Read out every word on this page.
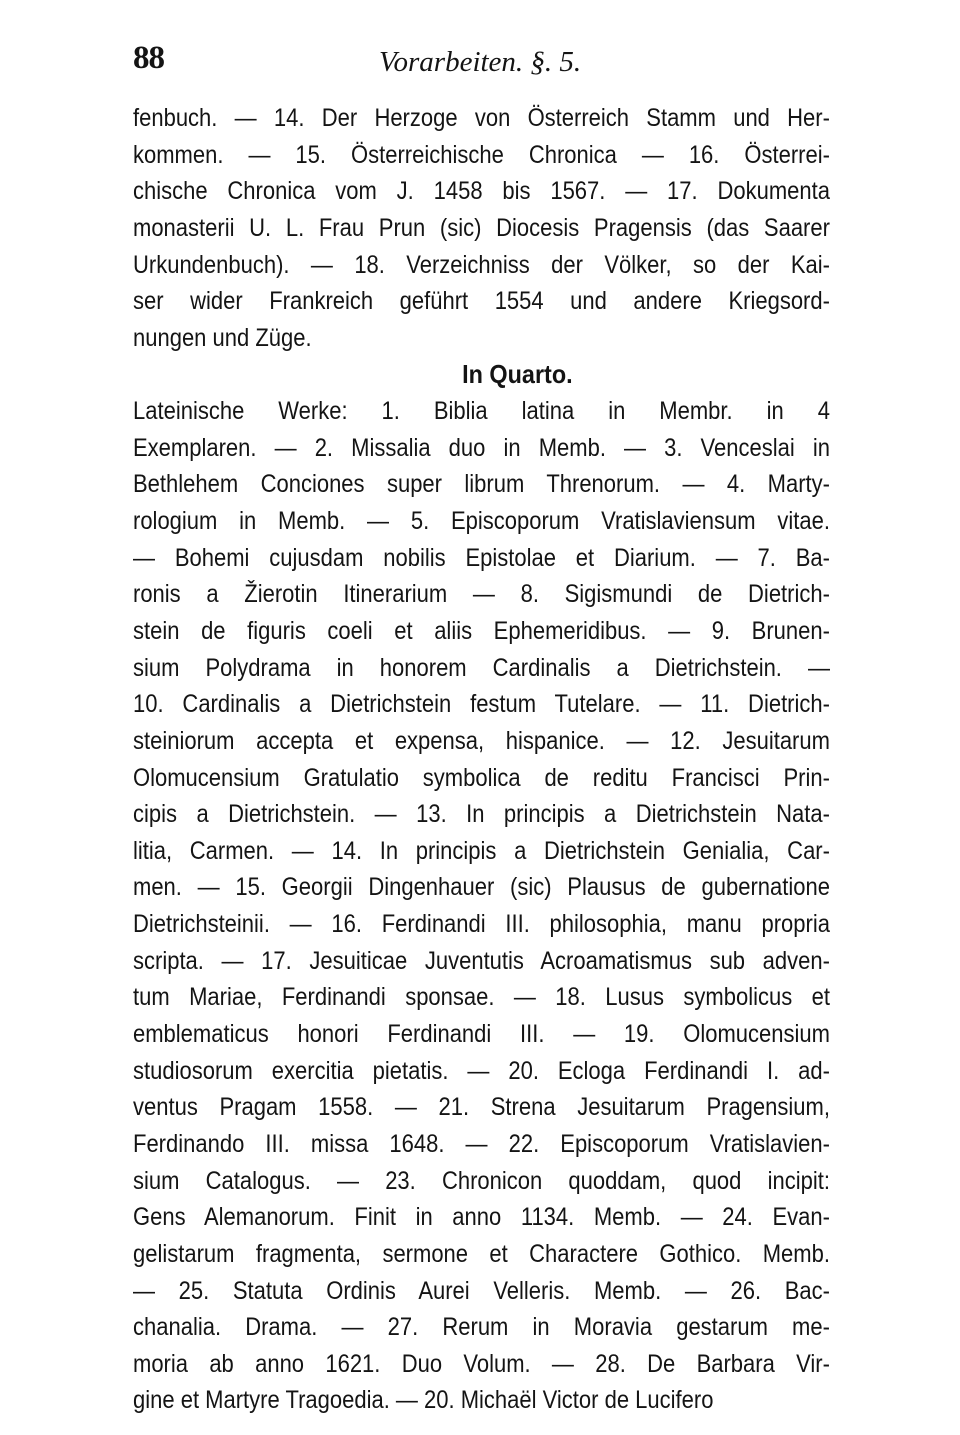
88	Vorarbeiten. §. 5.
fenbuch. — 14. Der Herzoge von Österreich Stamm und Her-
kommen. — 15. Österreichische Chronica — 16. Österrei-
chische Chronica vom J. 1458 bis 1567. — 17. Dokumenta
monasterii U. L. Frau Prun (sic) Diocesis Pragensis (das Saarer
Urkundenbuch). — 18. Verzeichniss der Völker, so der Kai-
ser wider Frankreich geführt 1554 und andere Kriegsord-
nungen und Züge.
In Quarto.
Lateinische Werke: 1. Biblia latina in Membr. in 4
Exemplaren. — 2. Missalia duo in Memb. — 3. Venceslai in
Bethlehem Conciones super librum Threnorum. — 4. Marty-
rologium in Memb. — 5. Episcoporum Vratislaviensum vitae.
— Bohemi cujusdam nobilis Epistolae et Diarium. — 7. Ba-
ronis a Žierotin Itinerarium — 8. Sigismundi de Dietrich-
stein de figuris coeli et aliis Ephemeridibus. — 9. Brunen-
sium Polydrama in honorem Cardinalis a Dietrichstein. —
10. Cardinalis a Dietrichstein festum Tutelare. — 11. Dietrich-
steiniorum accepta et expensa, hispanice. — 12. Jesuitarum
Olomucensium Gratulatio symbolica de reditu Francisci Prin-
cipis a Dietrichstein. — 13. In principis a Dietrichstein Nata-
litia, Carmen. — 14. In principis a Dietrichstein Genialia, Car-
men. — 15. Georgii Dingenhauer (sic) Plausus de gubernatione
Dietrichsteinii. — 16. Ferdinandi III. philosophia, manu propria
scripta. — 17. Jesuiticae Juventutis Acroamatismus sub adven-
tum Mariae, Ferdinandi sponsae. — 18. Lusus symbolicus et
emblematicus honori Ferdinandi III. — 19. Olomucensium
studiosorum exercitia pietatis. — 20. Ecloga Ferdinandi I. ad-
ventus Pragam 1558. — 21. Strena Jesuitarum Pragensium,
Ferdinando III. missa 1648. — 22. Episcoporum Vratislavien-
sium Catalogus. — 23. Chronicon quoddam, quod incipit:
Gens Alemanorum. Finit in anno 1134. Memb. — 24. Evan-
gelistarum fragmenta, sermone et Charactere Gothico. Memb.
— 25. Statuta Ordinis Aurei Velleris. Memb. — 26. Bac-
chanalia. Drama. — 27. Rerum in Moravia gestarum me-
moria ab anno 1621. Duo Volum. — 28. De Barbara Vir-
gine et Martyre Tragoedia. — 20. Michaël Victor de Lucifero
